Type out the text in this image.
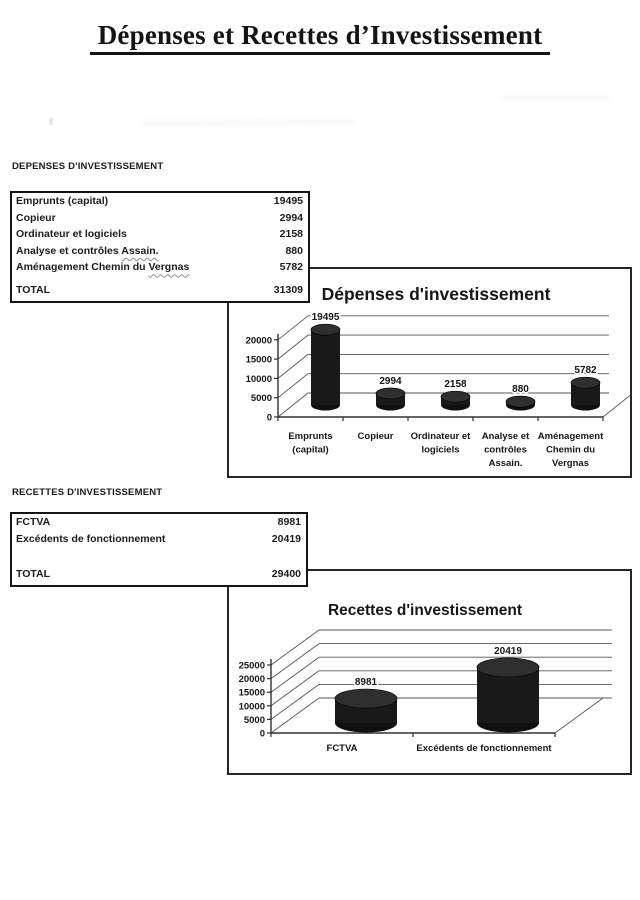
Dépenses et Recettes d’Investissement
DEPENSES D'INVESTISSEMENT
0
5000
10000
15000
20000
19495
2994	2158	880
5782
Emprunts (capital)
Copieur Ordinateur et logiciels
Analyse et contrôles Assain.
Aménagement Chemin du Vergnas
Dépenses d'investissement
Emprunts (capital)	19495
Copieur	2994
Ordinateur et logiciels	2158
Analyse et contrôles Assain.	880
Aménagement Chemin du Vergnas	5782
TOTAL	31309
RECETTES D'INVESTISSEMENT
0
5000
10000
15000
20000
25000
8981
20419
FCTVA	Excédents de fonctionnement
Recettes d'investissement
FCTVA	8981
Excédents de fonctionnement	20419
TOTAL	29400
